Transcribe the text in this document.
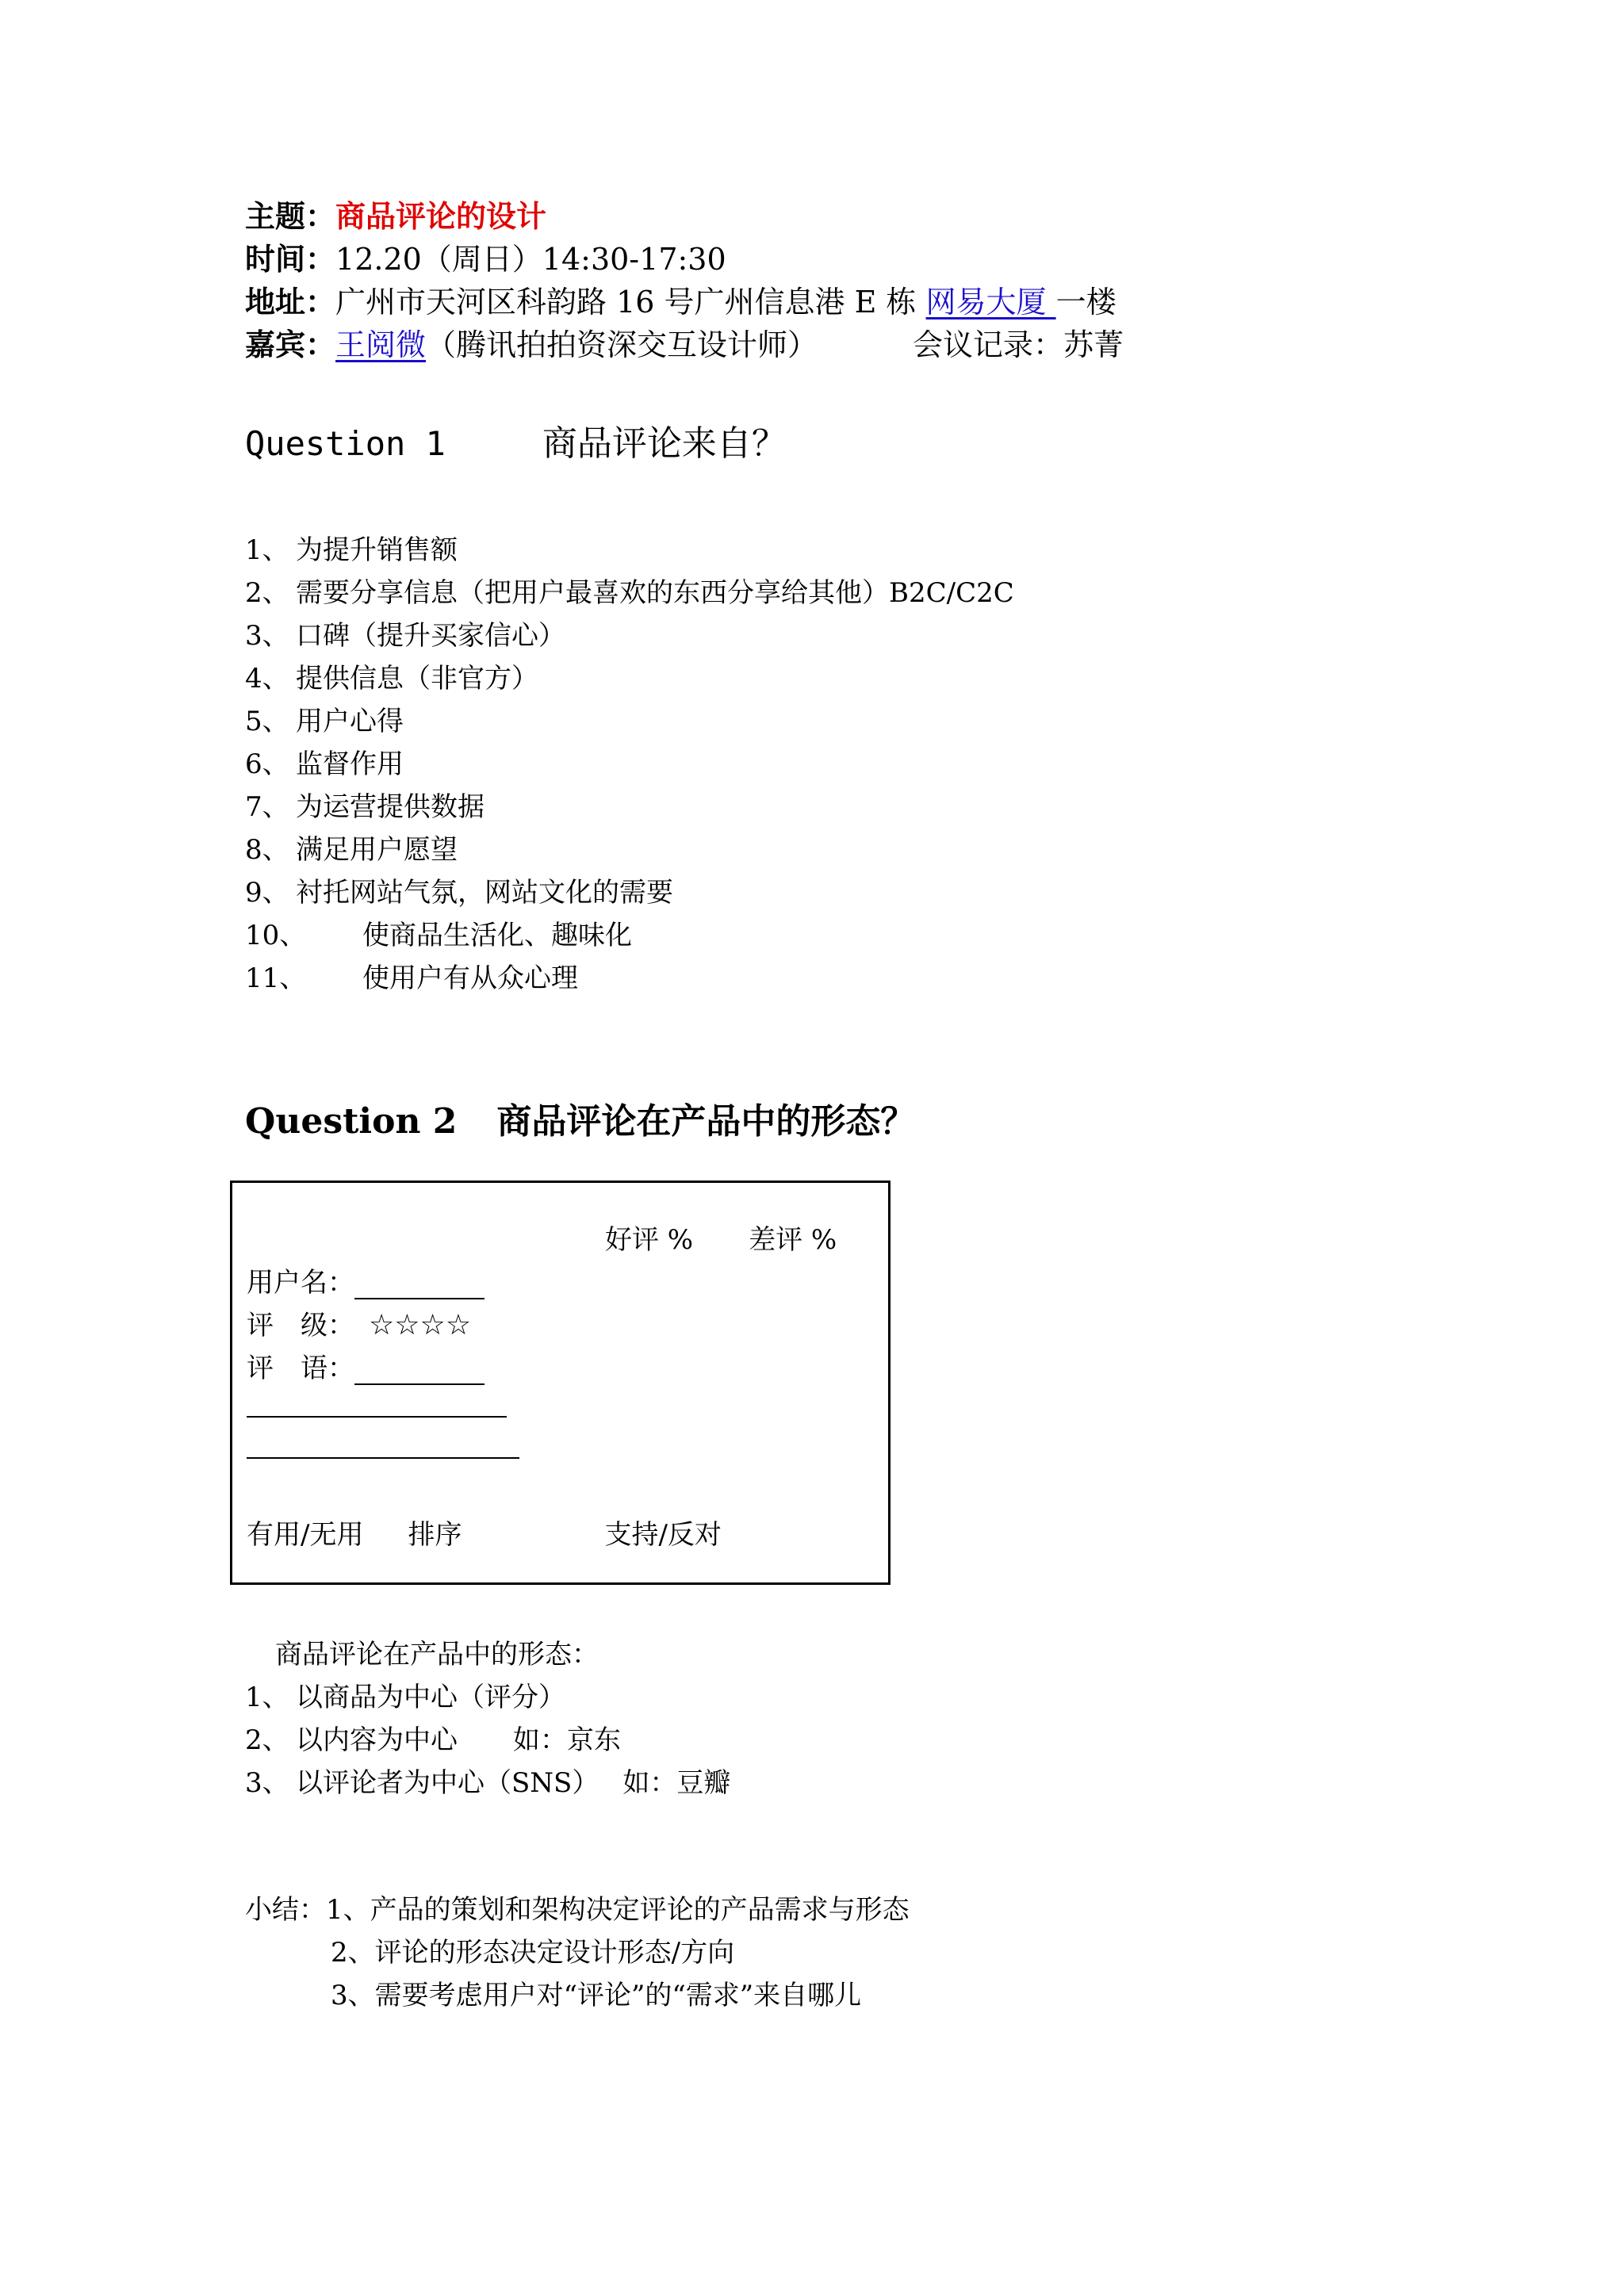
主题：商品评论的设计
时间：12.20（周日）14:30-17:30
地址：广州市天河区科韵路 16 号广州信息港 E 栋 网易大厦 一楼
嘉宾：王阅微（腾讯拍拍资深交互设计师）	会议记录：苏菁
Question 1	商品评论来自？
1、 为提升销售额
2、 需要分享信息（把用户最喜欢的东西分享给其他）B2C/C2C
3、 口碑（提升买家信心）
4、 提供信息（非官方）
5、 用户心得
6、 监督作用
7、 为运营提供数据
8、 满足用户愿望
9、 衬托网站气氛，网站文化的需要
10、 使商品生活化、趣味化
11、 使用户有从众心理
Question 2 商品评论在产品中的形态？
好评 % 差评 %
用户名：
评　级： ☆☆☆☆
评　语：
有用/无用 排序	支持/反对
商品评论在产品中的形态：
1、 以商品为中心（评分）
2、 以内容为中心 如：京东
3、 以评论者为中心（SNS） 如：豆瓣
小结：1、产品的策划和架构决定评论的产品需求与形态
2、评论的形态决定设计形态/方向
3、需要考虑用户对“评论”的“需求”来自哪儿
